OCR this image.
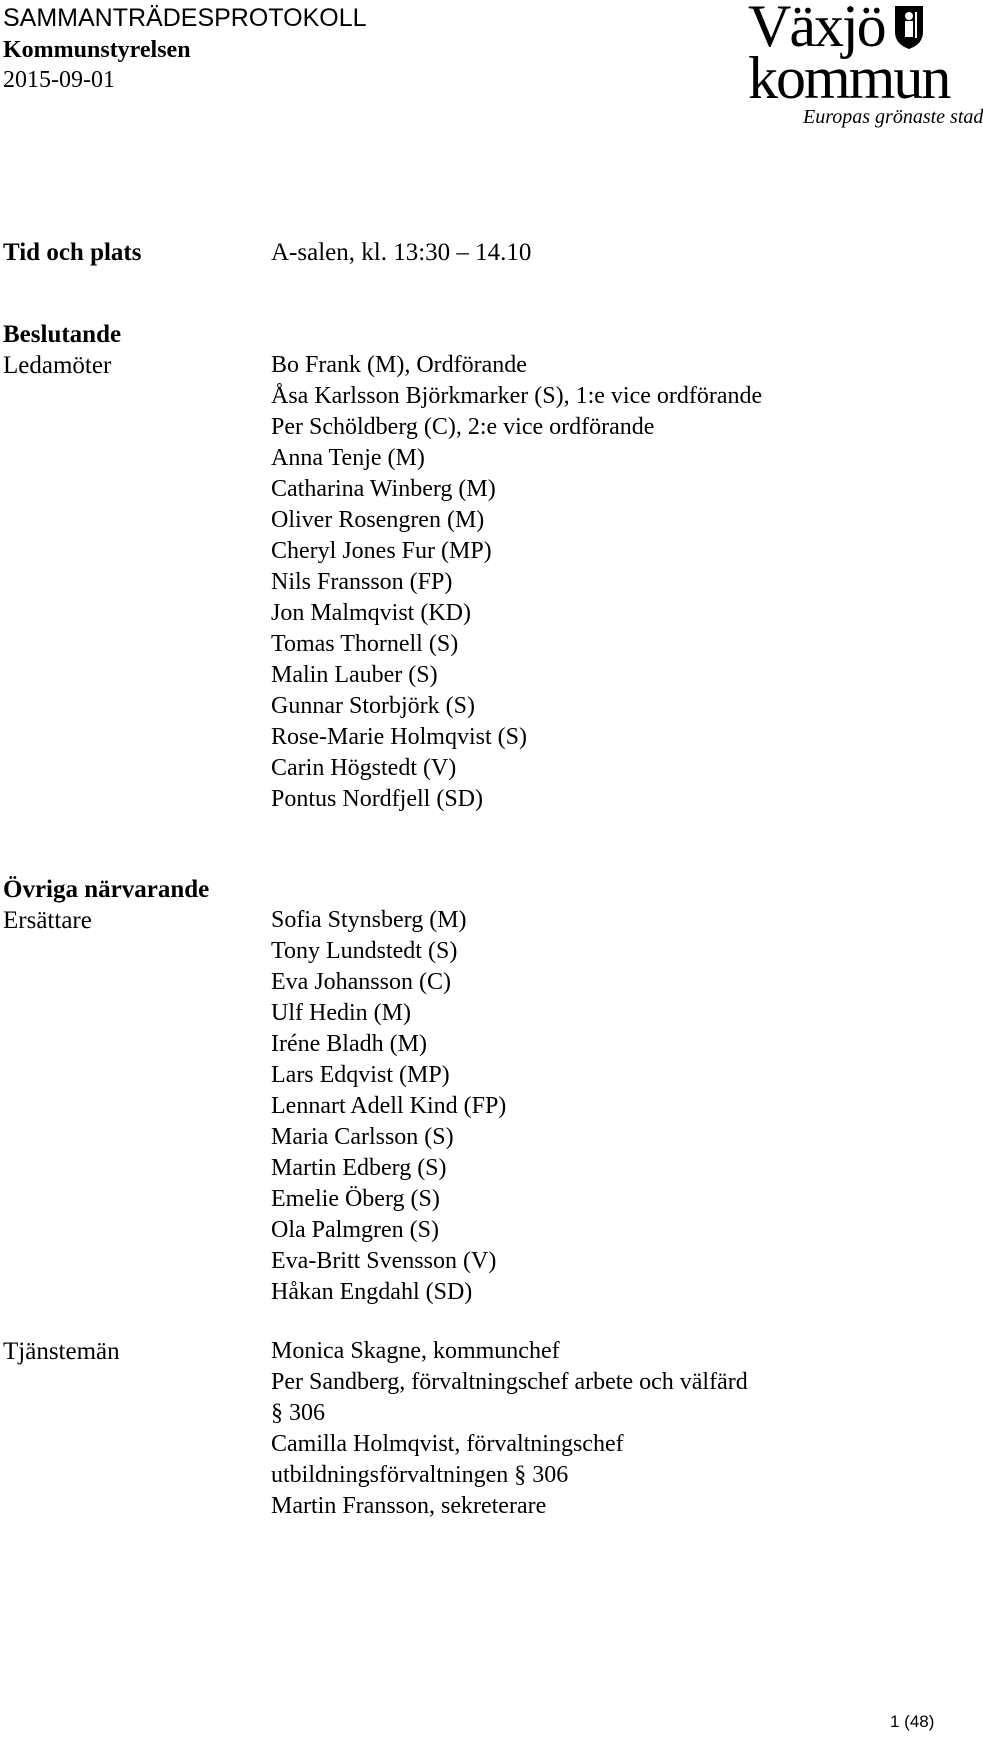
SAMMANTRÄDESPROTOKOLL
Kommunstyrelsen
2015-09-01
Växjö
kommun
Europas grönaste stad
Tid och plats	A-salen, kl. 13:30 – 14.10
Beslutande
Ledamöter	Bo Frank (M), Ordförande
Åsa Karlsson Björkmarker (S), 1:e vice ordförande
Per Schöldberg (C), 2:e vice ordförande
Anna Tenje (M)
Catharina Winberg (M)
Oliver Rosengren (M)
Cheryl Jones Fur (MP)
Nils Fransson (FP)
Jon Malmqvist (KD)
Tomas Thornell (S)
Malin Lauber (S)
Gunnar Storbjörk (S)
Rose-Marie Holmqvist (S)
Carin Högstedt (V)
Pontus Nordfjell (SD)
Övriga närvarande
Ersättare	Sofia Stynsberg (M)
Tony Lundstedt (S)
Eva Johansson (C)
Ulf Hedin (M)
Iréne Bladh (M)
Lars Edqvist (MP)
Lennart Adell Kind (FP)
Maria Carlsson (S)
Martin Edberg (S)
Emelie Öberg (S)
Ola Palmgren (S)
Eva-Britt Svensson (V)
Håkan Engdahl (SD)
Tjänstemän	Monica Skagne, kommunchef
Per Sandberg, förvaltningschef arbete och välfärd
§ 306
Camilla Holmqvist, förvaltningschef
utbildningsförvaltningen § 306
Martin Fransson, sekreterare
1 (48)
